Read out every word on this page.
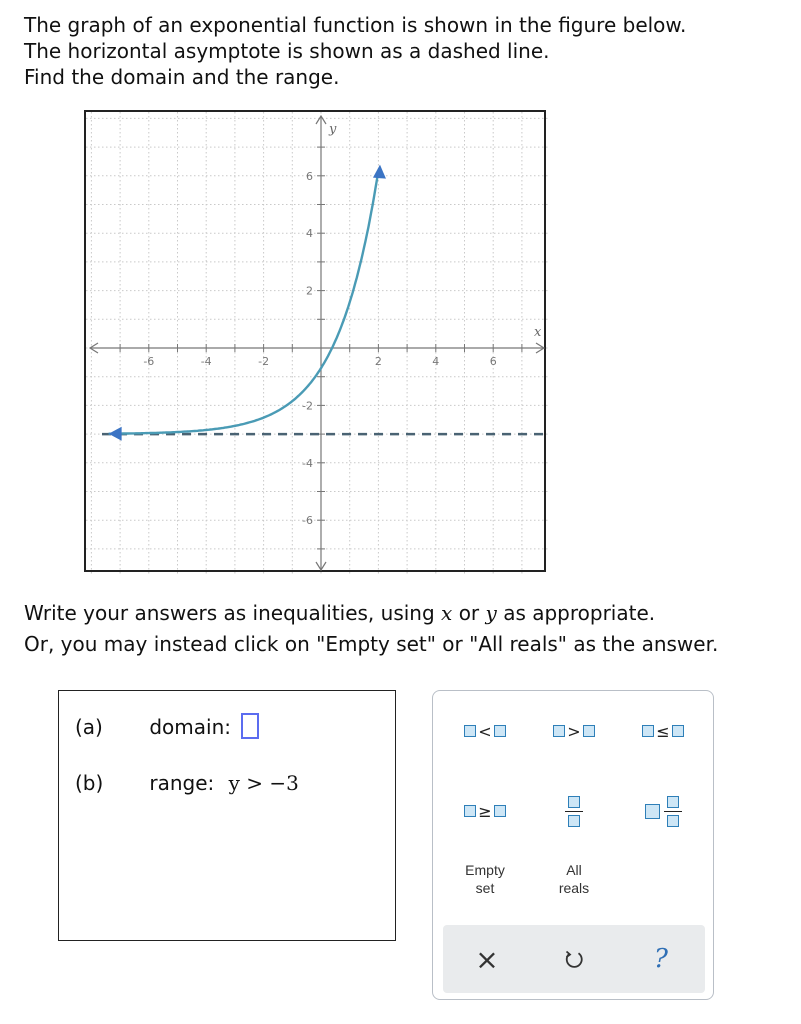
The graph of an exponential function is shown in the figure below.
The horizontal asymptote is shown as a dashed line.
Find the domain and the range.
-6	-4	-2	2	4	6
6
4
2
-2
-4
-6
x
y
Write your answers as inequalities, using x or y as appropriate.
Or, you may instead click on "Empty set" or "All reals" as the answer.
(a) domain:
(b) range: y > −3
<	>	≤
≥
Empty
set
All
reals
×	?
